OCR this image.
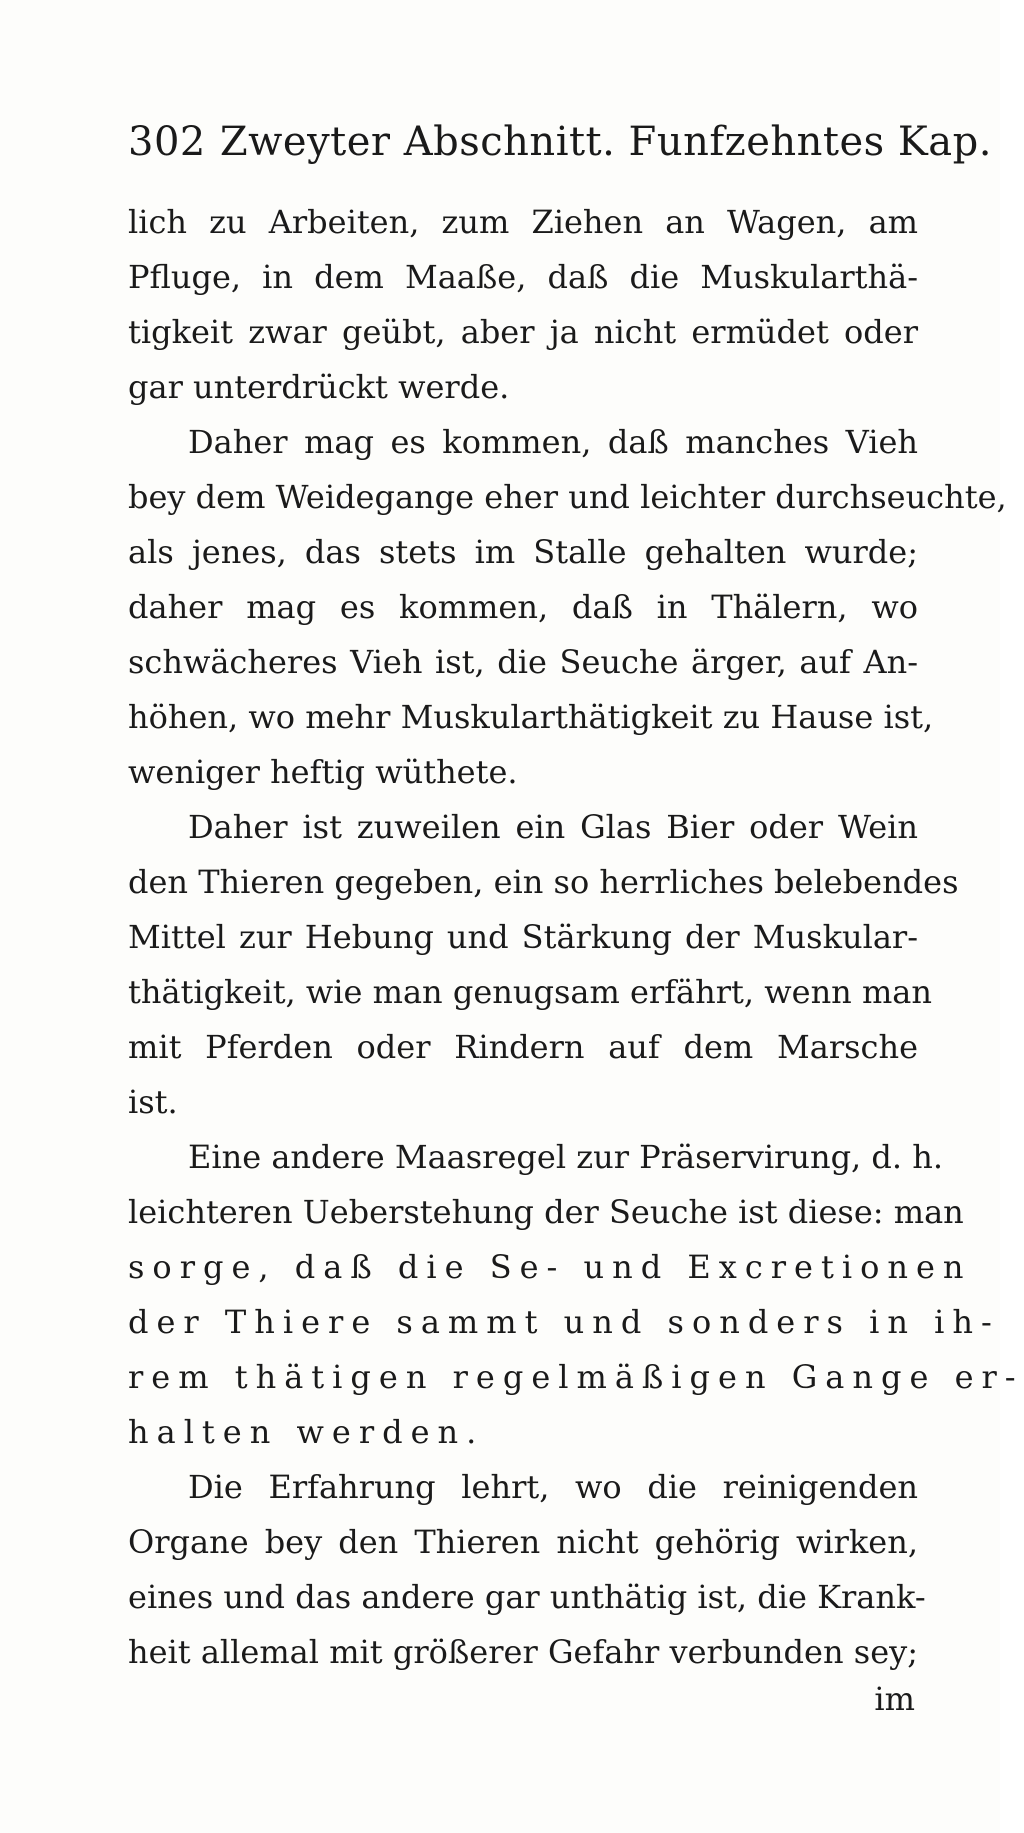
302 Zweyter Abschnitt. Funfzehntes Kap.
lich zu Arbeiten, zum Ziehen an Wagen, am
Pfluge, in dem Maaße, daß die Muskularthä-
tigkeit zwar geübt, aber ja nicht ermüdet oder
gar unterdrückt werde.
Daher mag es kommen, daß manches Vieh
bey dem Weidegange eher und leichter durchseuchte,
als jenes, das stets im Stalle gehalten wurde;
daher mag es kommen, daß in Thälern, wo
schwächeres Vieh ist, die Seuche ärger, auf An-
höhen, wo mehr Muskularthätigkeit zu Hause ist,
weniger heftig wüthete.
Daher ist zuweilen ein Glas Bier oder Wein
den Thieren gegeben, ein so herrliches belebendes
Mittel zur Hebung und Stärkung der Muskular-
thätigkeit, wie man genugsam erfährt, wenn man
mit Pferden oder Rindern auf dem Marsche
ist.
Eine andere Maasregel zur Präservirung, d. h.
leichteren Ueberstehung der Seuche ist diese: man
sorge, daß die Se- und Excretionen
der Thiere sammt und sonders in ih-
rem thätigen regelmäßigen Gange er-
halten werden.
Die Erfahrung lehrt, wo die reinigenden
Organe bey den Thieren nicht gehörig wirken,
eines und das andere gar unthätig ist, die Krank-
heit allemal mit größerer Gefahr verbunden sey;
im
